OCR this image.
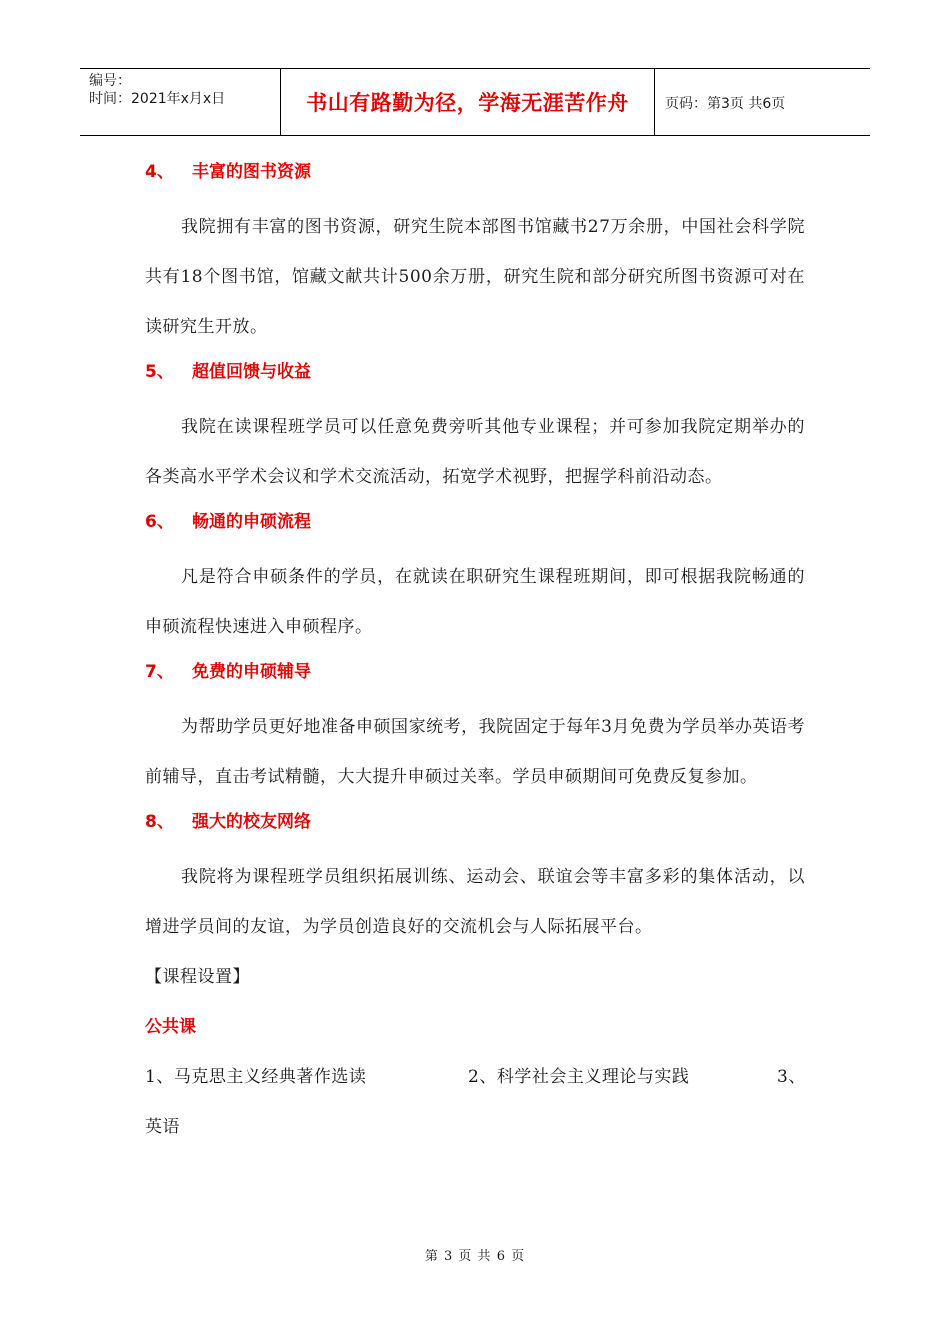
编号：
时间：2021年x月x日	书山有路勤为径，学海无涯苦作舟	页码：第3页 共6页
4、 丰富的图书资源

我院拥有丰富的图书资源，研究生院本部图书馆藏书27万余册，中国社会科学院共有18个图书馆，馆藏文献共计500余万册，研究生院和部分研究所图书资源可对在读研究生开放。

5、 超值回馈与收益

我院在读课程班学员可以任意免费旁听其他专业课程；并可参加我院定期举办的各类高水平学术会议和学术交流活动，拓宽学术视野，把握学科前沿动态。

6、 畅通的申硕流程

凡是符合申硕条件的学员，在就读在职研究生课程班期间，即可根据我院畅通的申硕流程快速进入申硕程序。

7、 免费的申硕辅导

为帮助学员更好地准备申硕国家统考，我院固定于每年3月免费为学员举办英语考前辅导，直击考试精髓，大大提升申硕过关率。学员申硕期间可免费反复参加。

8、 强大的校友网络

我院将为课程班学员组织拓展训练、运动会、联谊会等丰富多彩的集体活动，以增进学员间的友谊，为学员创造良好的交流机会与人际拓展平台。

【课程设置】

公共课
1、马克思主义经典著作选读	2、科学社会主义理论与实践	3、

英语

第 3 页 共 6 页
